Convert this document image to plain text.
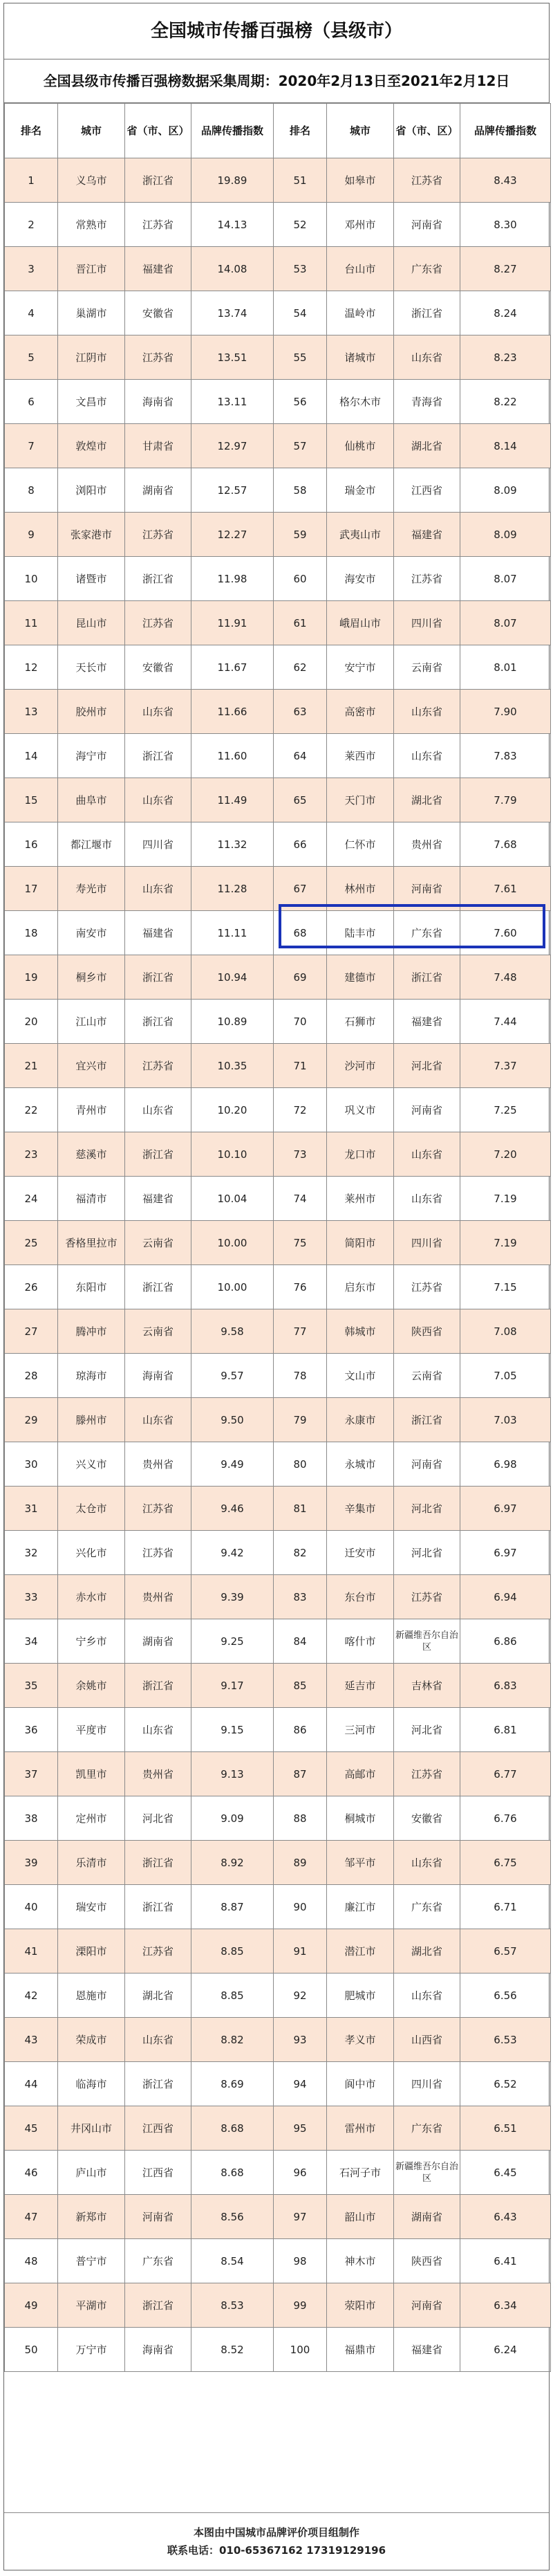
全国城市传播百强榜（县级市）
全国县级市传播百强榜数据采集周期：2020年2月13日至2021年2月12日
排名	城市	省（市、区）	品牌传播指数	排名	城市	省（市、区）	品牌传播指数
1	义乌市	浙江省	19.89	51	如皋市	江苏省	8.43
2	常熟市	江苏省	14.13	52	邓州市	河南省	8.30
3	晋江市	福建省	14.08	53	台山市	广东省	8.27
4	巢湖市	安徽省	13.74	54	温岭市	浙江省	8.24
5	江阴市	江苏省	13.51	55	诸城市	山东省	8.23
6	文昌市	海南省	13.11	56	格尔木市	青海省	8.22
7	敦煌市	甘肃省	12.97	57	仙桃市	湖北省	8.14
8	浏阳市	湖南省	12.57	58	瑞金市	江西省	8.09
9	张家港市	江苏省	12.27	59	武夷山市	福建省	8.09
10	诸暨市	浙江省	11.98	60	海安市	江苏省	8.07
11	昆山市	江苏省	11.91	61	峨眉山市	四川省	8.07
12	天长市	安徽省	11.67	62	安宁市	云南省	8.01
13	胶州市	山东省	11.66	63	高密市	山东省	7.90
14	海宁市	浙江省	11.60	64	莱西市	山东省	7.83
15	曲阜市	山东省	11.49	65	天门市	湖北省	7.79
16	都江堰市	四川省	11.32	66	仁怀市	贵州省	7.68
17	寿光市	山东省	11.28	67	林州市	河南省	7.61
18	南安市	福建省	11.11	68	陆丰市	广东省	7.60
19	桐乡市	浙江省	10.94	69	建德市	浙江省	7.48
20	江山市	浙江省	10.89	70	石狮市	福建省	7.44
21	宜兴市	江苏省	10.35	71	沙河市	河北省	7.37
22	青州市	山东省	10.20	72	巩义市	河南省	7.25
23	慈溪市	浙江省	10.10	73	龙口市	山东省	7.20
24	福清市	福建省	10.04	74	莱州市	山东省	7.19
25	香格里拉市	云南省	10.00	75	简阳市	四川省	7.19
26	东阳市	浙江省	10.00	76	启东市	江苏省	7.15
27	腾冲市	云南省	9.58	77	韩城市	陕西省	7.08
28	琼海市	海南省	9.57	78	文山市	云南省	7.05
29	滕州市	山东省	9.50	79	永康市	浙江省	7.03
30	兴义市	贵州省	9.49	80	永城市	河南省	6.98
31	太仓市	江苏省	9.46	81	辛集市	河北省	6.97
32	兴化市	江苏省	9.42	82	迁安市	河北省	6.97
33	赤水市	贵州省	9.39	83	东台市	江苏省	6.94
34	宁乡市	湖南省	9.25	84	喀什市	新疆维吾尔自治区	6.86
35	余姚市	浙江省	9.17	85	延吉市	吉林省	6.83
36	平度市	山东省	9.15	86	三河市	河北省	6.81
37	凯里市	贵州省	9.13	87	高邮市	江苏省	6.77
38	定州市	河北省	9.09	88	桐城市	安徽省	6.76
39	乐清市	浙江省	8.92	89	邹平市	山东省	6.75
40	瑞安市	浙江省	8.87	90	廉江市	广东省	6.71
41	溧阳市	江苏省	8.85	91	潜江市	湖北省	6.57
42	恩施市	湖北省	8.85	92	肥城市	山东省	6.56
43	荣成市	山东省	8.82	93	孝义市	山西省	6.53
44	临海市	浙江省	8.69	94	阆中市	四川省	6.52
45	井冈山市	江西省	8.68	95	雷州市	广东省	6.51
46	庐山市	江西省	8.68	96	石河子市	新疆维吾尔自治区	6.45
47	新郑市	河南省	8.56	97	韶山市	湖南省	6.43
48	普宁市	广东省	8.54	98	神木市	陕西省	6.41
49	平湖市	浙江省	8.53	99	荥阳市	河南省	6.34
50	万宁市	海南省	8.52	100	福鼎市	福建省	6.24
本图由中国城市品牌评价项目组制作
联系电话：010-65367162 17319129196
